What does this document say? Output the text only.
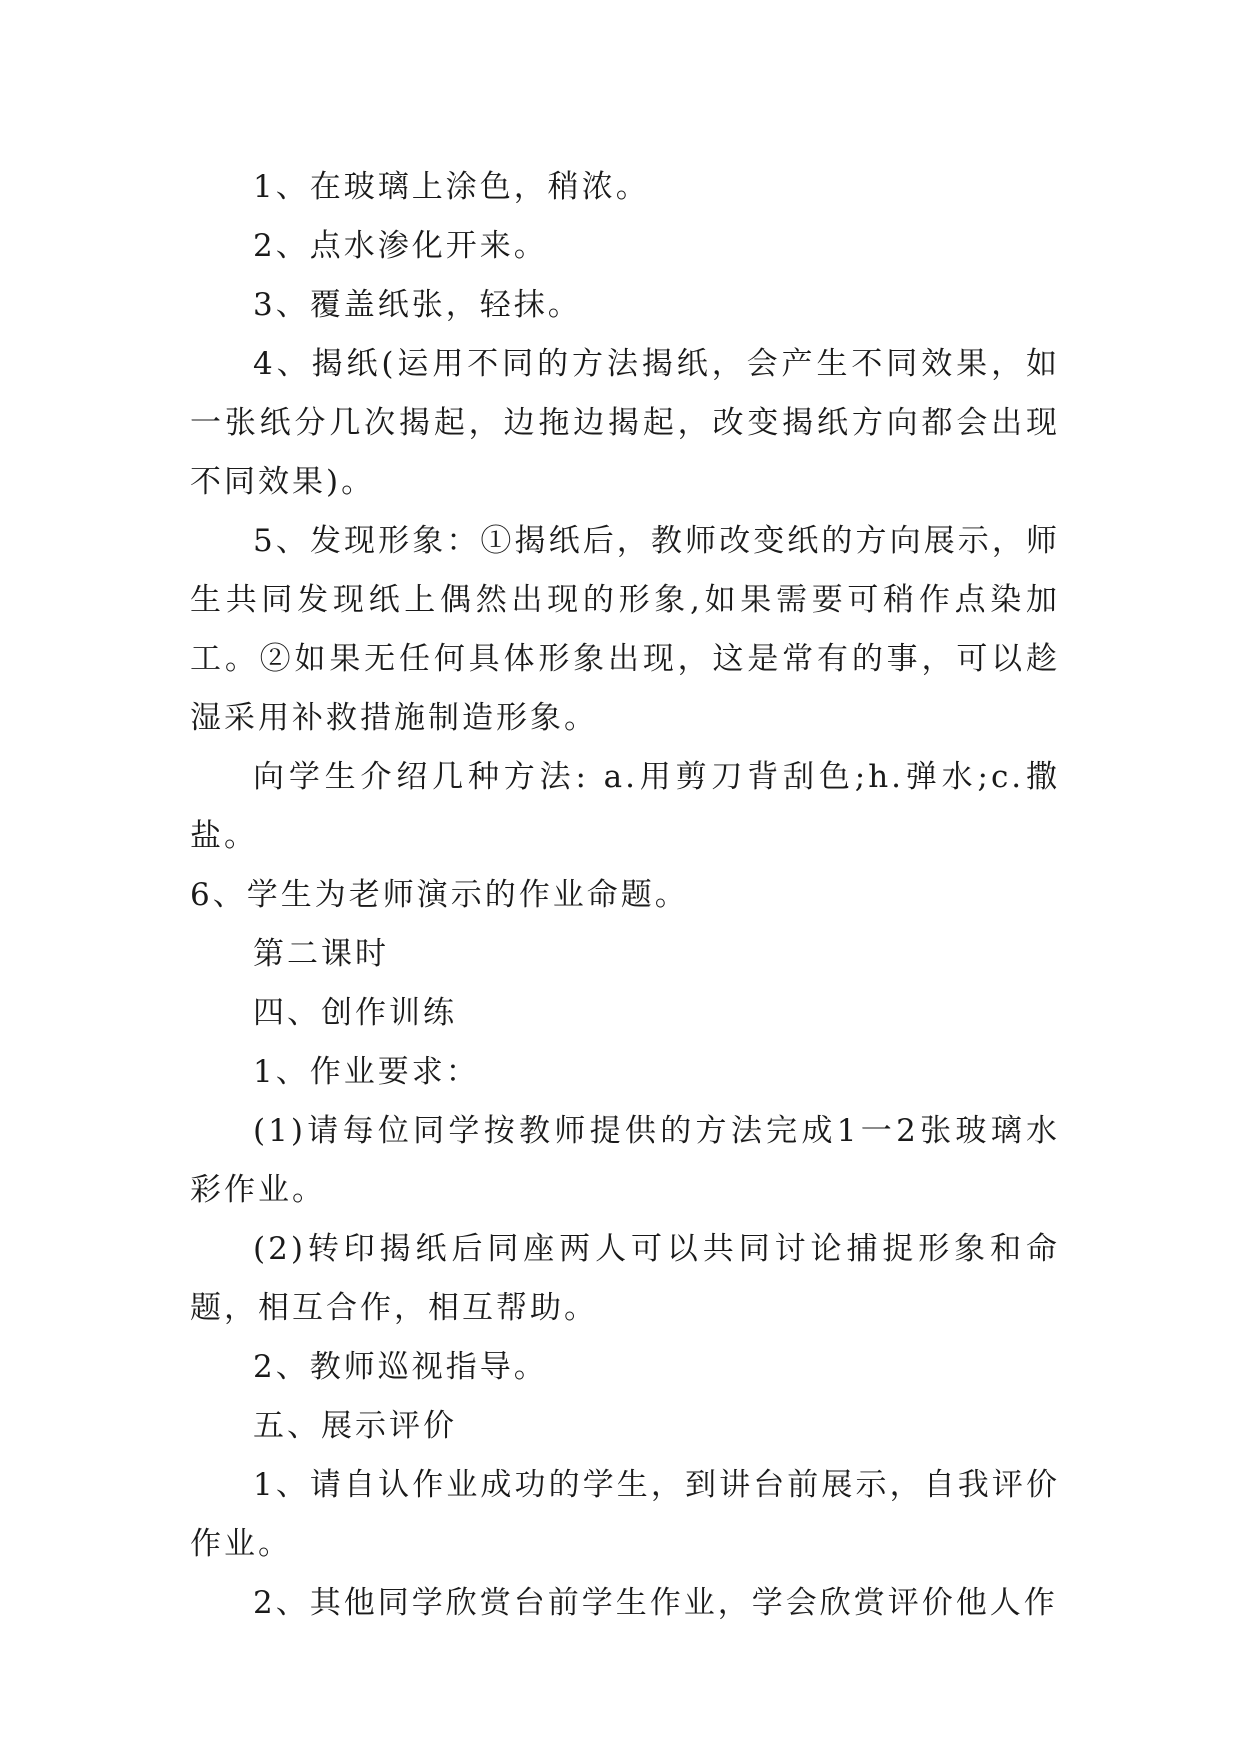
1、在玻璃上涂色，稍浓。

2、点水渗化开来。

3、覆盖纸张，轻抹。

4、揭纸(运用不同的方法揭纸，会产生不同效果，如一张纸分几次揭起，边拖边揭起，改变揭纸方向都会出现不同效果)。

5、发现形象：①揭纸后，教师改变纸的方向展示，师生共同发现纸上偶然出现的形象,如果需要可稍作点染加工。②如果无任何具体形象出现，这是常有的事，可以趁湿采用补救措施制造形象。

向学生介绍几种方法: a.用剪刀背刮色;h.弹水;c.撒盐。

6、学生为老师演示的作业命题。

第二课时

四、创作训练

1、作业要求：

(1)请每位同学按教师提供的方法完成1一2张玻璃水彩作业。

(2)转印揭纸后同座两人可以共同讨论捕捉形象和命题，相互合作，相互帮助。

2、教师巡视指导。

五、展示评价

1、请自认作业成功的学生，到讲台前展示，自我评价作业。

2、其他同学欣赏台前学生作业，学会欣赏评价他人作
